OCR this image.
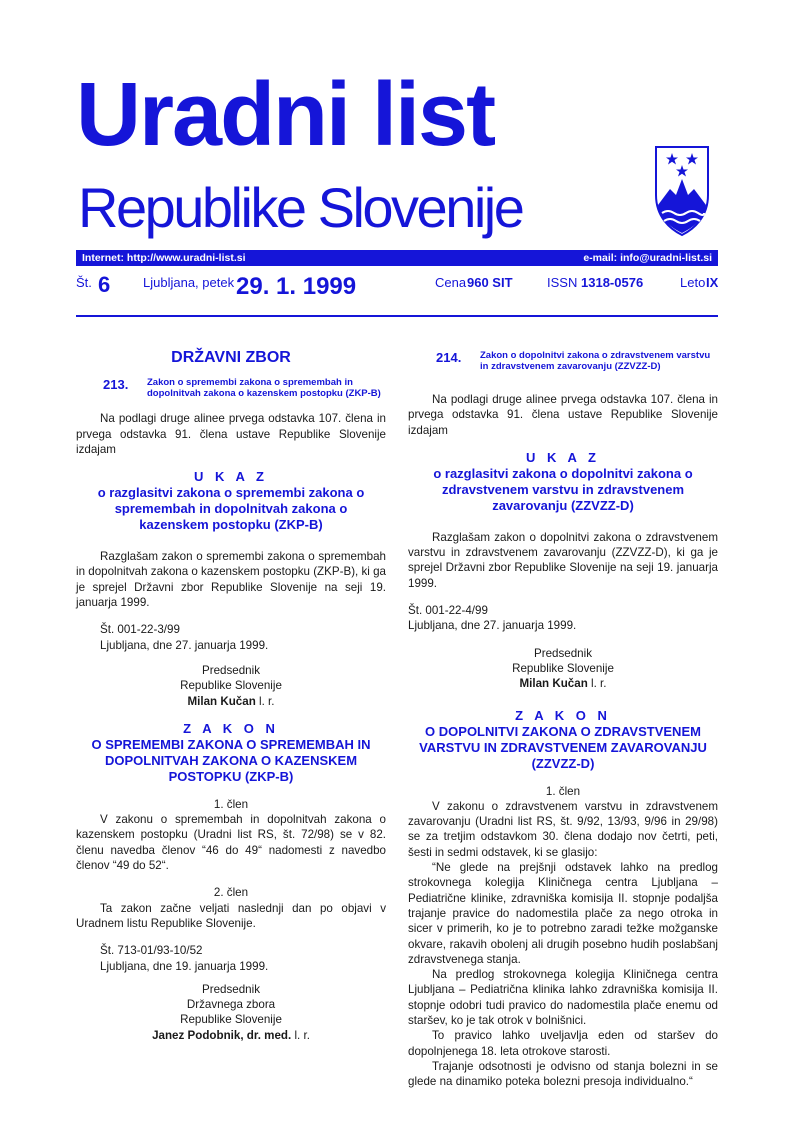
Uradni list
Republike Slovenije
Internet: http://www.uradni-list.si	e-mail: info@uradni-list.si
Št. 6	Ljubljana, petek 29. 1. 1999	Cena 960 SIT	ISSN 1318-0576	Leto IX
DRŽAVNI ZBOR
213.	Zakon o spremembi zakona o spremembah in dopolnitvah zakona o kazenskem postopku (ZKP-B)

Na podlagi druge alinee prvega odstavka 107. člena in prvega odstavka 91. člena ustave Republike Slovenije izdajam

U K A Z
o razglasitvi zakona o spremembi zakona o spremembah in dopolnitvah zakona o kazenskem postopku (ZKP-B)

Razglašam zakon o spremembi zakona o spremembah in dopolnitvah zakona o kazenskem postopku (ZKP-B), ki ga je sprejel Državni zbor Republike Slovenije na seji 19. januarja 1999.

Št. 001-22-3/99

Ljubljana, dne 27. januarja 1999.

Predsednik

Republike Slovenije

Milan Kučan l. r.

Z A K O N
O SPREMEMBI ZAKONA O SPREMEMBAH IN DOPOLNITVAH ZAKONA O KAZENSKEM POSTOPKU (ZKP-B)

1. člen

V zakonu o spremembah in dopolnitvah zakona o kazenskem postopku (Uradni list RS, št. 72/98) se v 82. členu navedba členov “46 do 49“ nadomesti z navedbo členov “49 do 52“.

2. člen

Ta zakon začne veljati naslednji dan po objavi v Uradnem listu Republike Slovenije.

Št. 713-01/93-10/52

Ljubljana, dne 19. januarja 1999.

Predsednik

Državnega zbora

Republike Slovenije

Janez Podobnik, dr. med. l. r.

214.	Zakon o dopolnitvi zakona o zdravstvenem varstvu in zdravstvenem zavarovanju (ZZVZZ-D)

Na podlagi druge alinee prvega odstavka 107. člena in prvega odstavka 91. člena ustave Republike Slovenije izdajam

U K A Z
o razglasitvi zakona o dopolnitvi zakona o zdravstvenem varstvu in zdravstvenem zavarovanju (ZZVZZ-D)

Razglašam zakon o dopolnitvi zakona o zdravstvenem varstvu in zdravstvenem zavarovanju (ZZVZZ-D), ki ga je sprejel Državni zbor Republike Slovenije na seji 19. januarja 1999.

Št. 001-22-4/99

Ljubljana, dne 27. januarja 1999.

Predsednik

Republike Slovenije

Milan Kučan l. r.

Z A K O N
O DOPOLNITVI ZAKONA O ZDRAVSTVENEM VARSTVU IN ZDRAVSTVENEM ZAVAROVANJU (ZZVZZ-D)

1. člen

V zakonu o zdravstvenem varstvu in zdravstvenem zavarovanju (Uradni list RS, št. 9/92, 13/93, 9/96 in 29/98) se za tretjim odstavkom 30. člena dodajo nov četrti, peti, šesti in sedmi odstavek, ki se glasijo:

“Ne glede na prejšnji odstavek lahko na predlog strokovnega kolegija Kliničnega centra Ljubljana – Pediatrične klinike, zdravniška komisija II. stopnje podaljša trajanje pravice do nadomestila plače za nego otroka in sicer v primerih, ko je to potrebno zaradi težke možganske okvare, rakavih obolenj ali drugih posebno hudih poslabšanj zdravstvenega stanja.

Na predlog strokovnega kolegija Kliničnega centra Ljubljana – Pediatrična klinika lahko zdravniška komisija II. stopnje odobri tudi pravico do nadomestila plače enemu od staršev, ko je tak otrok v bolnišnici.

To pravico lahko uveljavlja eden od staršev do dopolnjenega 18. leta otrokove starosti.

Trajanje odsotnosti je odvisno od stanja bolezni in se glede na dinamiko poteka bolezni presoja individualno.“
